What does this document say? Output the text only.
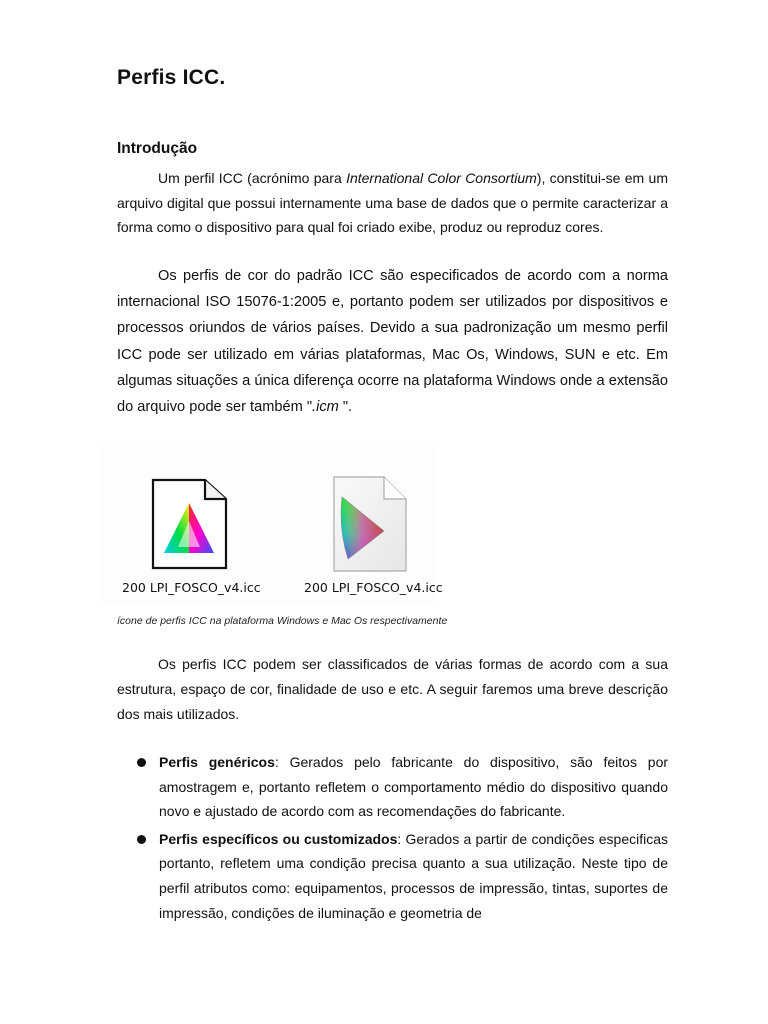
Perfis ICC.
Introdução

Um perfil ICC (acrónimo para International Color Consortium), constitui-se em um arquivo digital que possui internamente uma base de dados que o permite caracterizar a forma como o dispositivo para qual foi criado exibe, produz ou reproduz cores.

Os perfis de cor do padrão ICC são especificados de acordo com a norma internacional ISO 15076-1:2005 e, portanto podem ser utilizados por dispositivos e processos oriundos de vários países. Devido a sua padronização um mesmo perfil ICC pode ser utilizado em várias plataformas, Mac Os, Windows, SUN e etc. Em algumas situações a única diferença ocorre na plataforma Windows onde a extensão do arquivo pode ser também ".icm ".

Os perfis ICC podem ser classificados de várias formas de acordo com a sua estrutura, espaço de cor, finalidade de uso e etc. A seguir faremos uma breve descrição dos mais utilizados.

200 LPI_FOSCO_v4.icc	200 LPI_FOSCO_v4.icc

ícone de perfis ICC na plataforma Windows e Mac Os respectivamente

Perfis genéricos: Gerados pelo fabricante do dispositivo, são feitos por amostragem e, portanto refletem o comportamento médio do dispositivo quando novo e ajustado de acordo com as recomendações do fabricante.
Perfis específicos ou customizados: Gerados a partir de condições especificas portanto, refletem uma condição precisa quanto a sua utilização. Neste tipo de perfil atributos como: equipamentos, processos de impressão, tintas, suportes de impressão, condições de iluminação e geometria de
